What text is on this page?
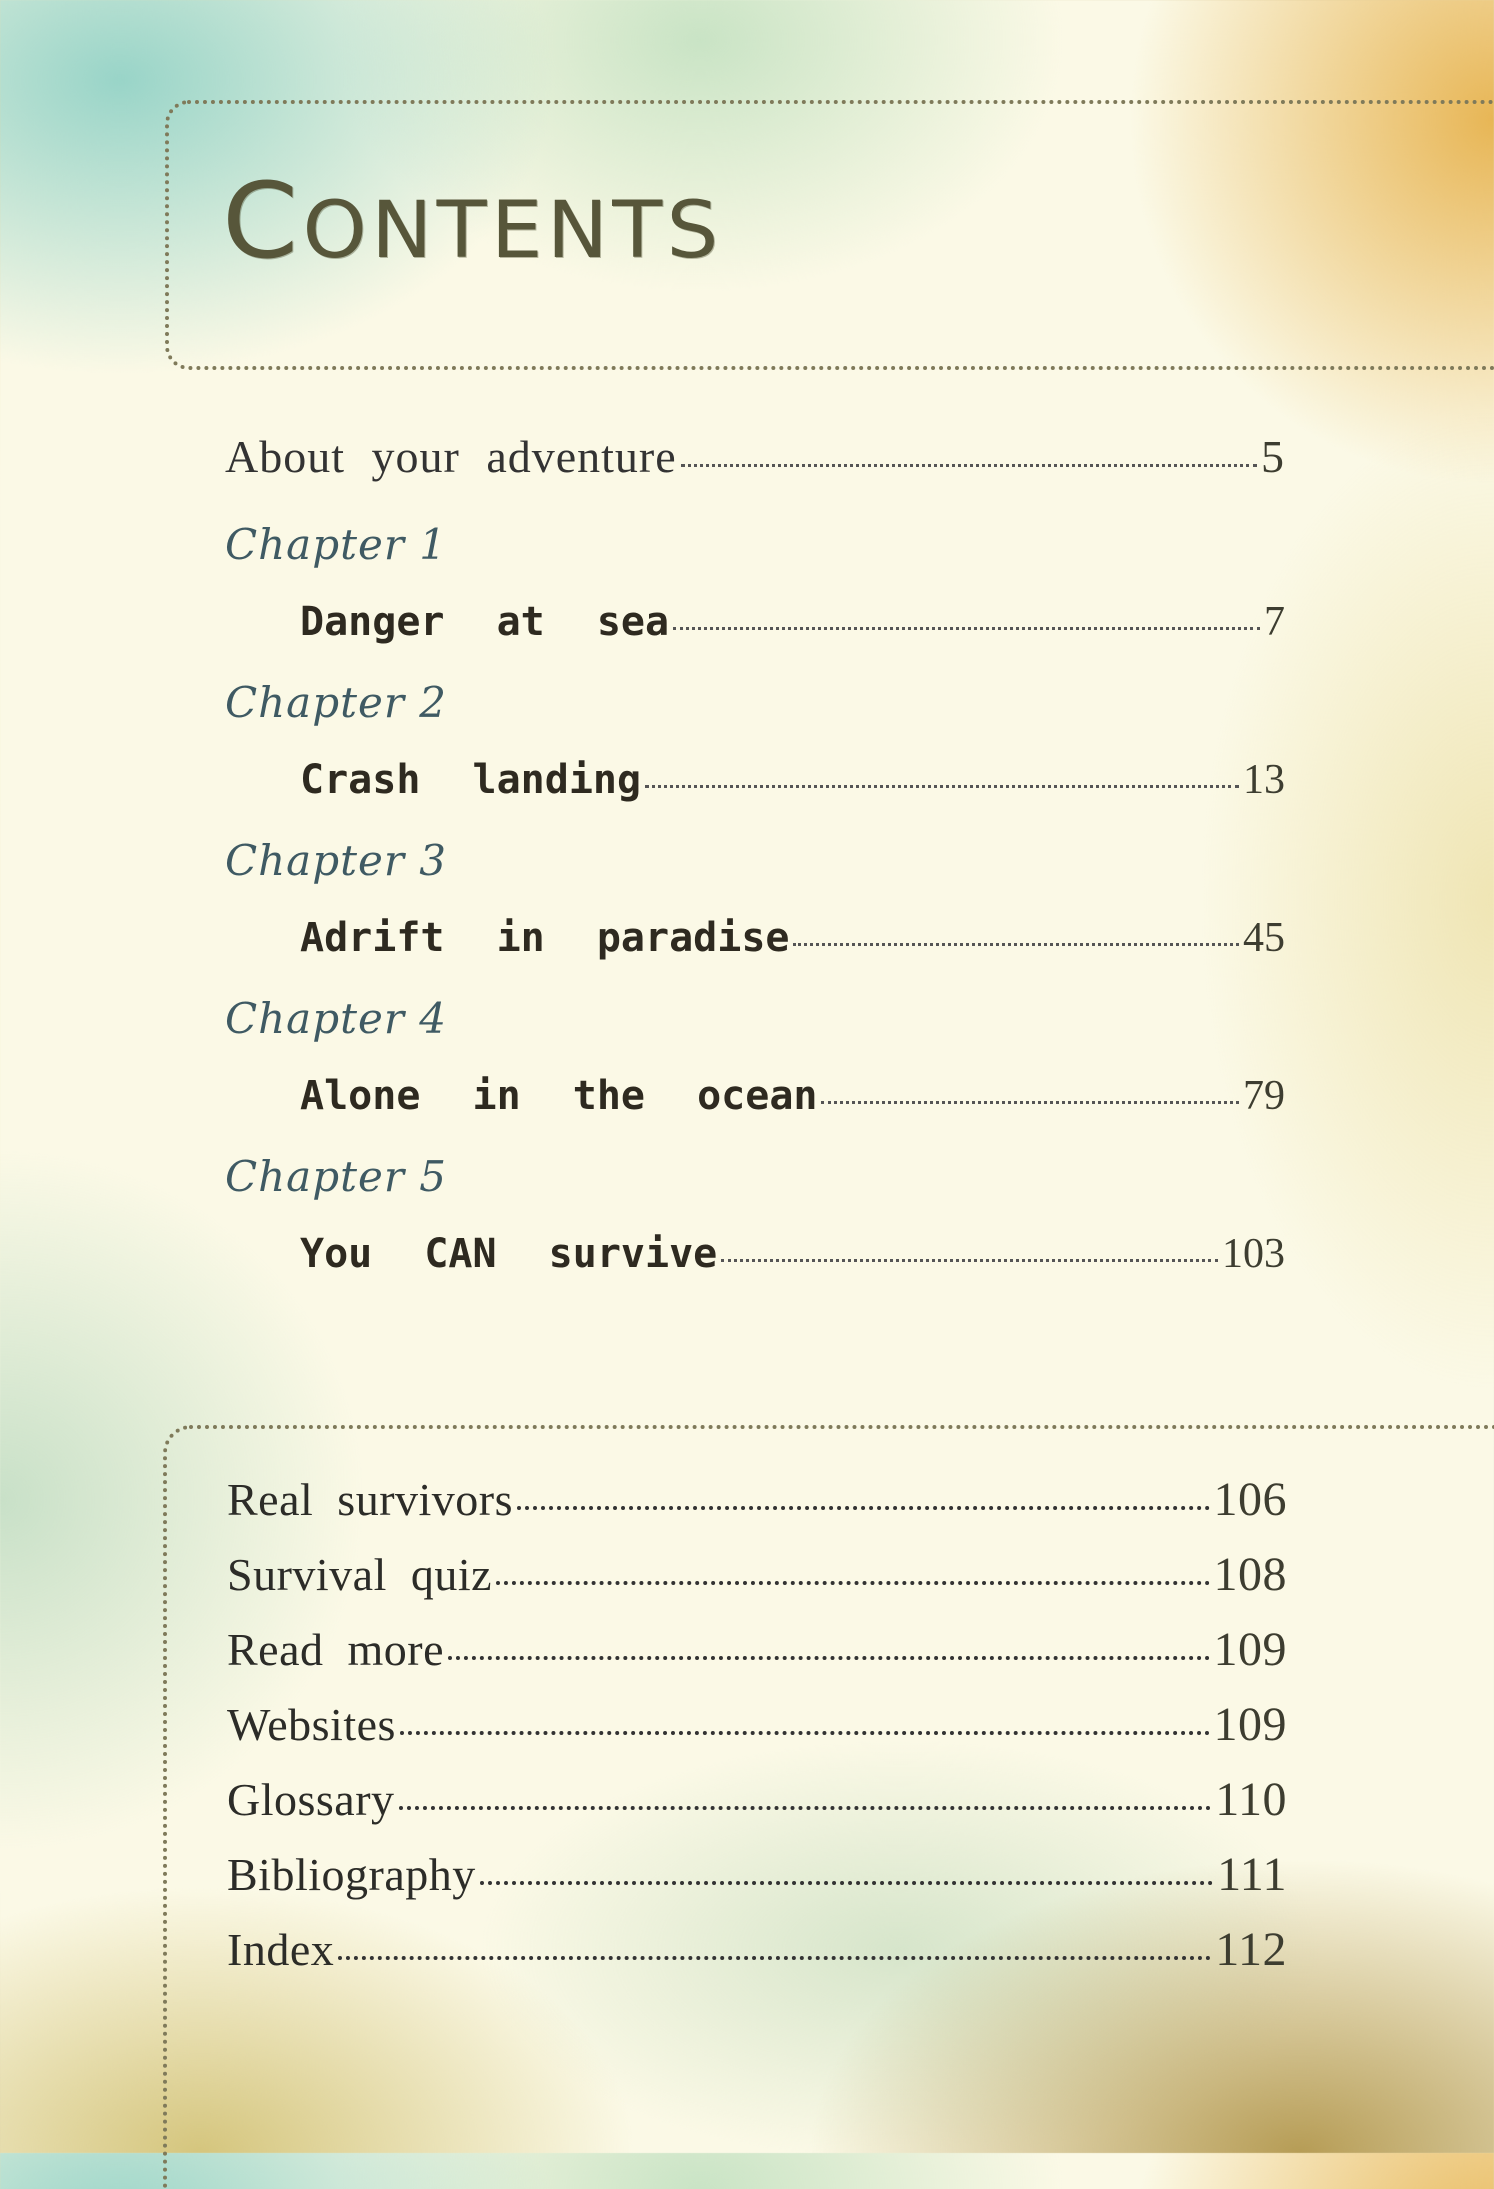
CONTENTS
About your adventure	5
Chapter 1
Danger at sea	7
Chapter 2
Crash landing	13
Chapter 3
Adrift in paradise	45
Chapter 4
Alone in the ocean	79
Chapter 5
You CAN survive	103
Real survivors	106
Survival quiz	108
Read more	109
Websites	109
Glossary	110
Bibliography	111
Index	112
